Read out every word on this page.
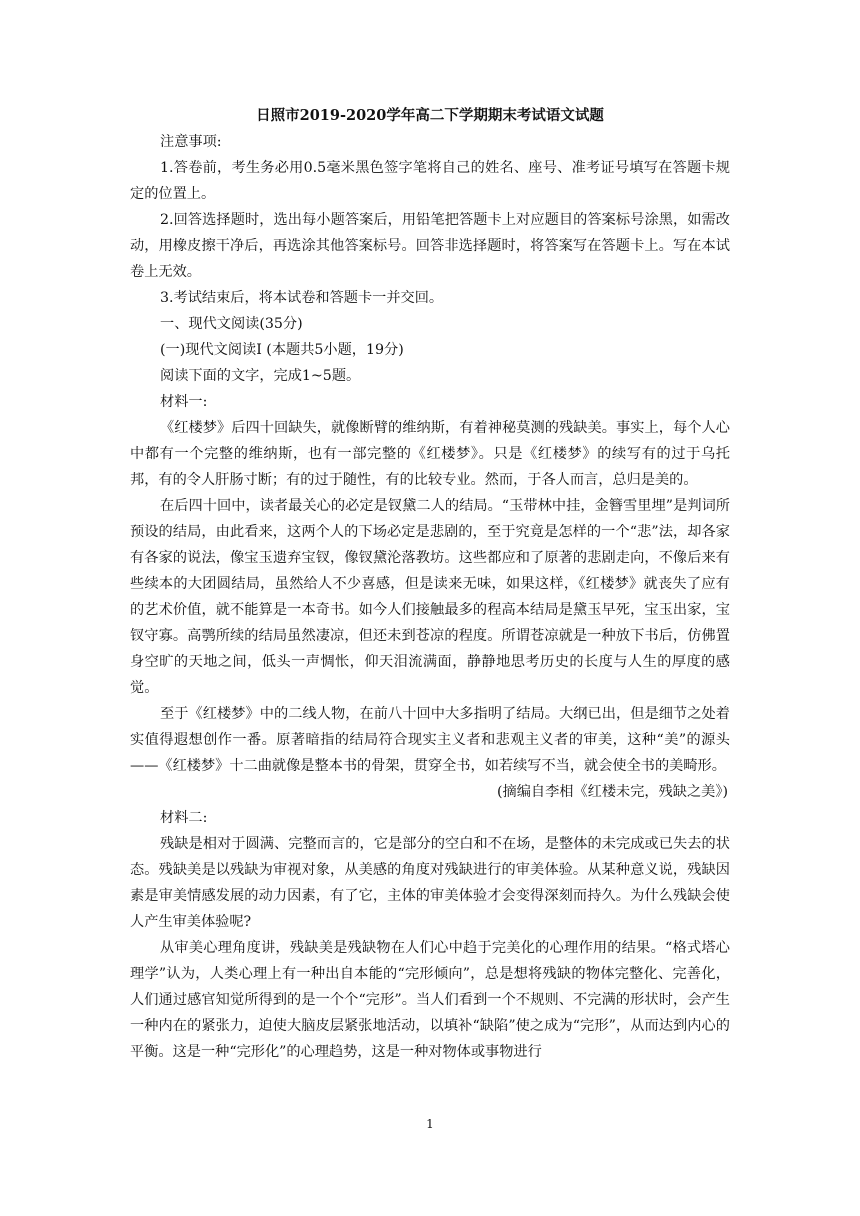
日照市2019-2020学年高二下学期期末考试语文试题

注意事项:

1.答卷前，考生务必用0.5毫米黑色签字笔将自己的姓名、座号、准考证号填写在答题卡规定的位置上。

2.回答选择题时，选出每小题答案后，用铅笔把答题卡上对应题目的答案标号涂黑，如需改动，用橡皮擦干净后，再选涂其他答案标号。回答非选择题时，将答案写在答题卡上。写在本试卷上无效。

3.考试结束后，将本试卷和答题卡一并交回。

一、现代文阅读(35分)

(一)现代文阅读Ⅰ (本题共5小题，19分)

阅读下面的文字，完成1~5题。

材料一:

《红楼梦》后四十回缺失，就像断臂的维纳斯，有着神秘莫测的残缺美。事实上，每个人心中都有一个完整的维纳斯，也有一部完整的《红楼梦》。只是《红楼梦》的续写有的过于乌托邦，有的令人肝肠寸断；有的过于随性，有的比较专业。然而，于各人而言，总归是美的。

在后四十回中，读者最关心的必定是钗黛二人的结局。“玉带林中挂，金簪雪里埋”是判词所预设的结局，由此看来，这两个人的下场必定是悲剧的，至于究竟是怎样的一个“悲”法，却各家有各家的说法，像宝玉遗弃宝钗，像钗黛沦落教坊。这些都应和了原著的悲剧走向，不像后来有些续本的大团圆结局，虽然给人不少喜感，但是读来无味，如果这样，《红楼梦》就丧失了应有的艺术价值，就不能算是一本奇书。如今人们接触最多的程高本结局是黛玉早死，宝玉出家，宝钗守寡。高鹗所续的结局虽然凄凉，但还未到苍凉的程度。所谓苍凉就是一种放下书后，仿佛置身空旷的天地之间，低头一声惆怅，仰天泪流满面，静静地思考历史的长度与人生的厚度的感觉。

至于《红楼梦》中的二线人物，在前八十回中大多指明了结局。大纲已出，但是细节之处着实值得遐想创作一番。原著暗指的结局符合现实主义者和悲观主义者的审美，这种“美”的源头——《红楼梦》十二曲就像是整本书的骨架，贯穿全书，如若续写不当，就会使全书的美畸形。

(摘编自李相《红楼未完，残缺之美》)

材料二:

残缺是相对于圆满、完整而言的，它是部分的空白和不在场，是整体的未完成或已失去的状态。残缺美是以残缺为审视对象，从美感的角度对残缺进行的审美体验。从某种意义说，残缺因素是审美情感发展的动力因素，有了它，主体的审美体验才会变得深刻而持久。为什么残缺会使人产生审美体验呢?

从审美心理角度讲，残缺美是残缺物在人们心中趋于完美化的心理作用的结果。“格式塔心理学”认为，人类心理上有一种出自本能的“完形倾向”，总是想将残缺的物体完整化、完善化，人们通过感官知觉所得到的是一个个“完形”。当人们看到一个不规则、不完满的形状时，会产生一种内在的紧张力，迫使大脑皮层紧张地活动，以填补“缺陷”使之成为“完形”，从而达到内心的平衡。这是一种“完形化”的心理趋势，这是一种对物体或事物进行

1
